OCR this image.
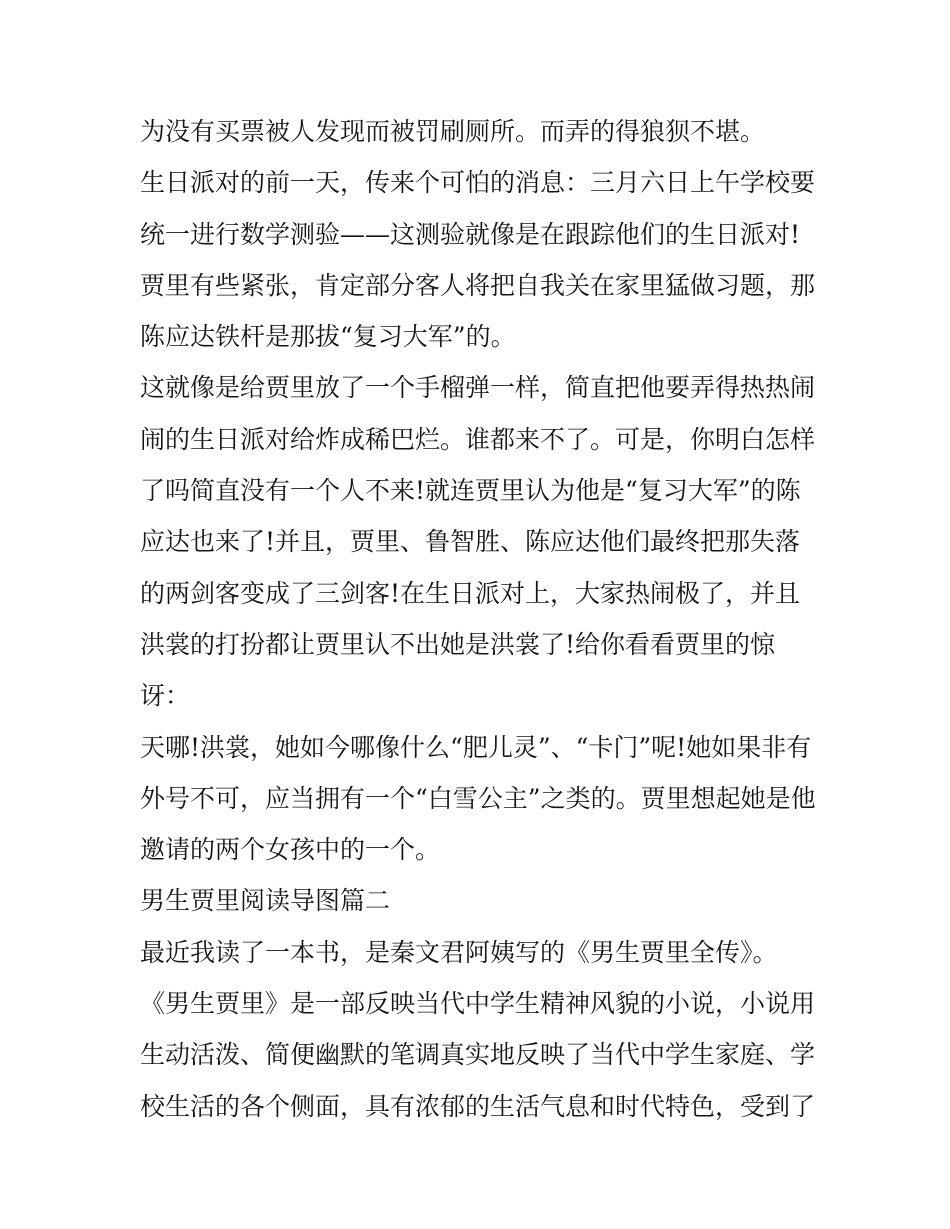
为没有买票被人发现而被罚刷厕所。而弄的得狼狈不堪。

生日派对的前一天，传来个可怕的消息：三月六日上午学校要

统一进行数学测验——这测验就像是在跟踪他们的生日派对!

贾里有些紧张，肯定部分客人将把自我关在家里猛做习题，那

陈应达铁杆是那拔“复习大军”的。

这就像是给贾里放了一个手榴弹一样，简直把他要弄得热热闹

闹的生日派对给炸成稀巴烂。谁都来不了。可是，你明白怎样

了吗简直没有一个人不来!就连贾里认为他是“复习大军”的陈

应达也来了!并且，贾里、鲁智胜、陈应达他们最终把那失落

的两剑客变成了三剑客!在生日派对上，大家热闹极了，并且

洪裳的打扮都让贾里认不出她是洪裳了!给你看看贾里的惊

讶：

天哪!洪裳，她如今哪像什么“肥儿灵”、“卡门”呢!她如果非有

外号不可，应当拥有一个“白雪公主”之类的。贾里想起她是他

邀请的两个女孩中的一个。

男生贾里阅读导图篇二

最近我读了一本书，是秦文君阿姨写的《男生贾里全传》。

《男生贾里》是一部反映当代中学生精神风貌的小说，小说用

生动活泼、简便幽默的笔调真实地反映了当代中学生家庭、学

校生活的各个侧面，具有浓郁的生活气息和时代特色，受到了
